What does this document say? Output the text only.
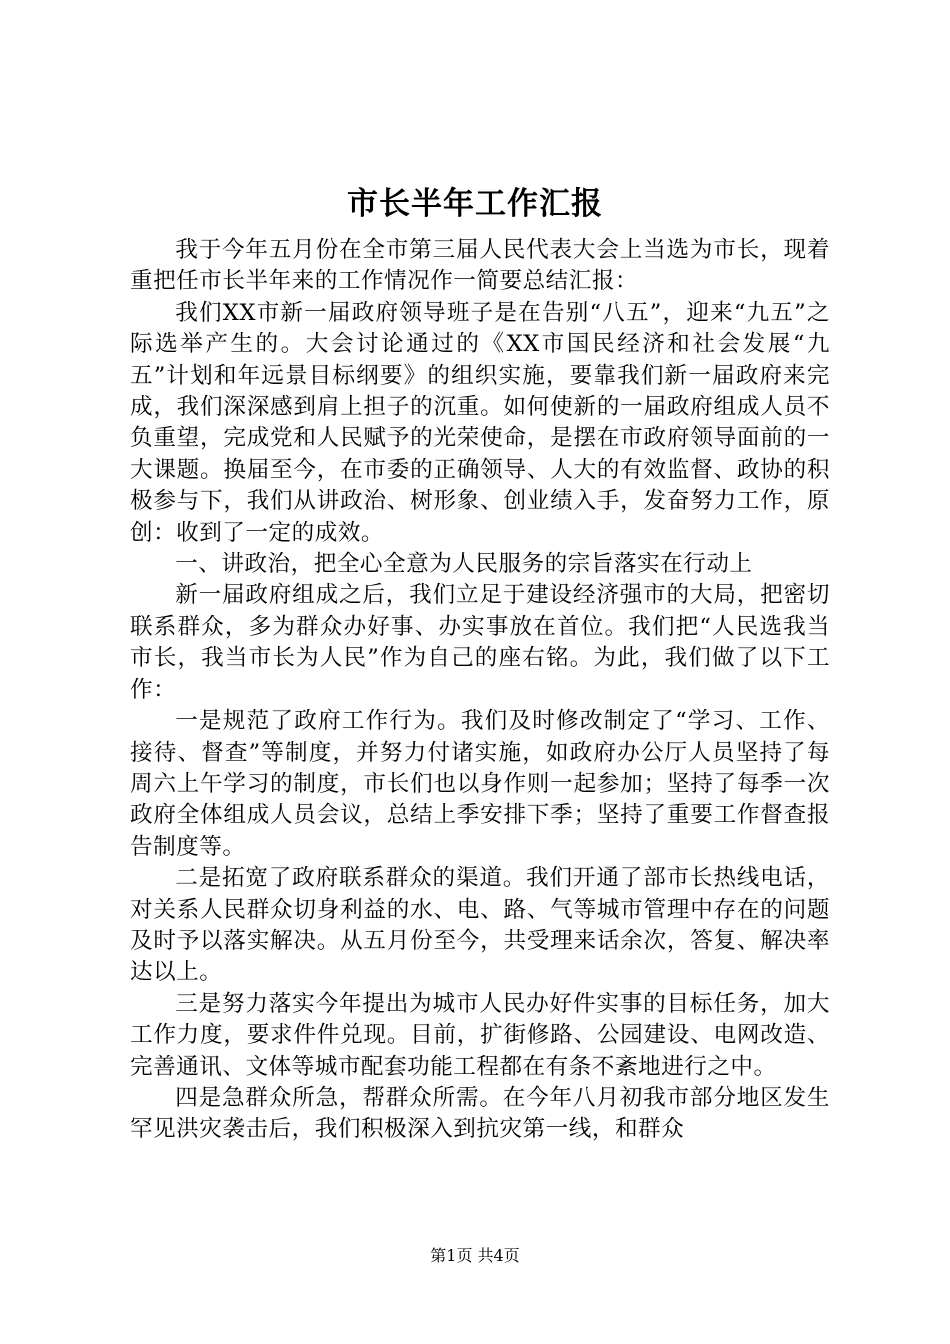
市长半年工作汇报

我于今年五月份在全市第三届人民代表大会上当选为市长，现着重把任市长半年来的工作情况作一简要总结汇报：

我们XX市新一届政府领导班子是在告别“八五”，迎来“九五”之际选举产生的。大会讨论通过的《XX市国民经济和社会发展“九五”计划和年远景目标纲要》的组织实施，要靠我们新一届政府来完成，我们深深感到肩上担子的沉重。如何使新的一届政府组成人员不负重望，完成党和人民赋予的光荣使命，是摆在市政府领导面前的一大课题。换届至今，在市委的正确领导、人大的有效监督、政协的积极参与下，我们从讲政治、树形象、创业绩入手，发奋努力工作，原创：收到了一定的成效。

一、讲政治，把全心全意为人民服务的宗旨落实在行动上

新一届政府组成之后，我们立足于建设经济强市的大局，把密切联系群众，多为群众办好事、办实事放在首位。我们把“人民选我当市长，我当市长为人民”作为自己的座右铭。为此，我们做了以下工作：

一是规范了政府工作行为。我们及时修改制定了“学习、工作、接待、督查”等制度，并努力付诸实施，如政府办公厅人员坚持了每周六上午学习的制度，市长们也以身作则一起参加；坚持了每季一次政府全体组成人员会议，总结上季安排下季；坚持了重要工作督查报告制度等。

二是拓宽了政府联系群众的渠道。我们开通了部市长热线电话，对关系人民群众切身利益的水、电、路、气等城市管理中存在的问题及时予以落实解决。从五月份至今，共受理来话余次，答复、解决率达以上。

三是努力落实今年提出为城市人民办好件实事的目标任务，加大工作力度，要求件件兑现。目前，扩街修路、公园建设、电网改造、完善通讯、文体等城市配套功能工程都在有条不紊地进行之中。

四是急群众所急，帮群众所需。在今年八月初我市部分地区发生罕见洪灾袭击后，我们积极深入到抗灾第一线，和群众

第1页 共4页
